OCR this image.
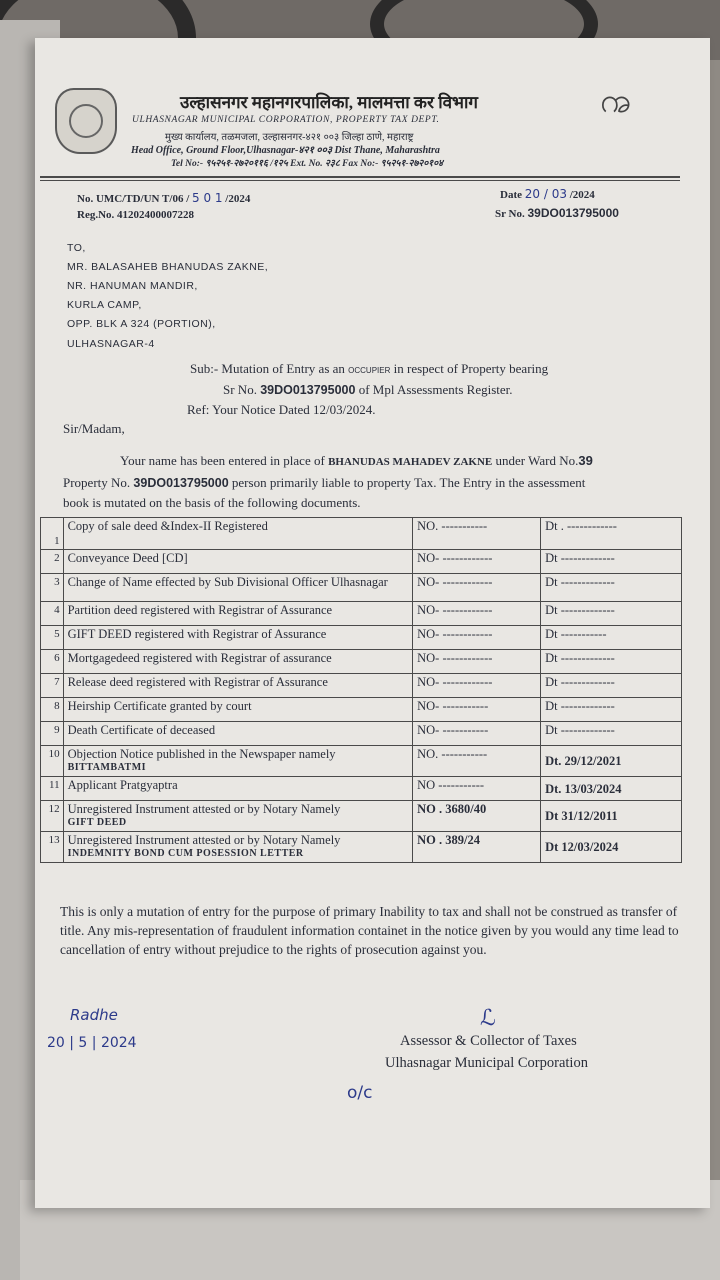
ꩠ
उल्हासनगर महानगरपालिका, मालमत्ता कर विभाग
ULHASNAGAR MUNICIPAL CORPORATION, PROPERTY TAX DEPT.
मुख्य कार्यालय, तळमजला, उल्हासनगर-४२१ ००३ जिल्हा ठाणे, महाराष्ट्र
Head Office, Ground Floor,Ulhasnagar-४२१ ००३ Dist Thane, Maharashtra
Tel No:- ९५२५१-२७२०११६ /१२५ Ext. No. २३८ Fax No:- ९५२५१-२७२०१०४
No. UMC/TD/UN T/06 / 5 0 1 /2024
Reg.No. 41202400007228
Date 20 / 03 /2024
Sr No. 39DO013795000
TO,
MR. BALASAHEB BHANUDAS ZAKNE,
NR. HANUMAN MANDIR,
KURLA CAMP,
OPP. BLK A 324 (PORTION),
ULHASNAGAR-4
Sub:- Mutation of Entry as an OCCUPIER in respect of Property bearing
Sr No. 39DO013795000 of Mpl Assessments Register.
Ref: Your Notice Dated 12/03/2024.
Sir/Madam,
Your name has been entered in place of BHANUDAS MAHADEV ZAKNE under Ward No.39
Property No. 39DO013795000 person primarily liable to property Tax. The Entry in the assessment
book is mutated on the basis of the following documents.
1	Copy of sale deed &Index-II Registered	NO. -----------	Dt . ------------
2	Conveyance Deed [CD]	NO- ------------	Dt -------------
3	Change of Name effected by Sub Divisional Officer Ulhasnagar	NO- ------------	Dt -------------
4	Partition deed registered with Registrar of Assurance	NO- ------------	Dt -------------
5	GIFT DEED registered with Registrar of Assurance	NO- ------------	Dt -----------
6	Mortgagedeed registered with Registrar of assurance	NO- ------------	Dt -------------
7	Release deed registered with Registrar of Assurance	NO- ------------	Dt -------------
8	Heirship Certificate granted by court	NO- -----------	Dt -------------
9	Death Certificate of deceased	NO- -----------	Dt -------------
10	Objection Notice published in the Newspaper namely
BITTAMBATMI	NO. -----------	Dt. 29/12/2021
11	Applicant Pratgyaptra	NO -----------	Dt. 13/03/2024
12	Unregistered Instrument attested or by Notary Namely
GIFT DEED	NO . 3680/40	Dt 31/12/2011
13	Unregistered Instrument attested or by Notary Namely
INDEMNITY BOND CUM POSESSION LETTER	NO . 389/24	Dt 12/03/2024
This is only a mutation of entry for the purpose of primary Inability to tax and shall not be construed as transfer of title. Any mis-representation of fraudulent information containet in the notice given by you would any time lead to cancellation of entry without prejudice to the rights of prosecution against you.
Radhe
20 | 5 | 2024	Assessor & Collector of Taxes
Ulhasnagar Municipal Corporation
ℒ
o/c
